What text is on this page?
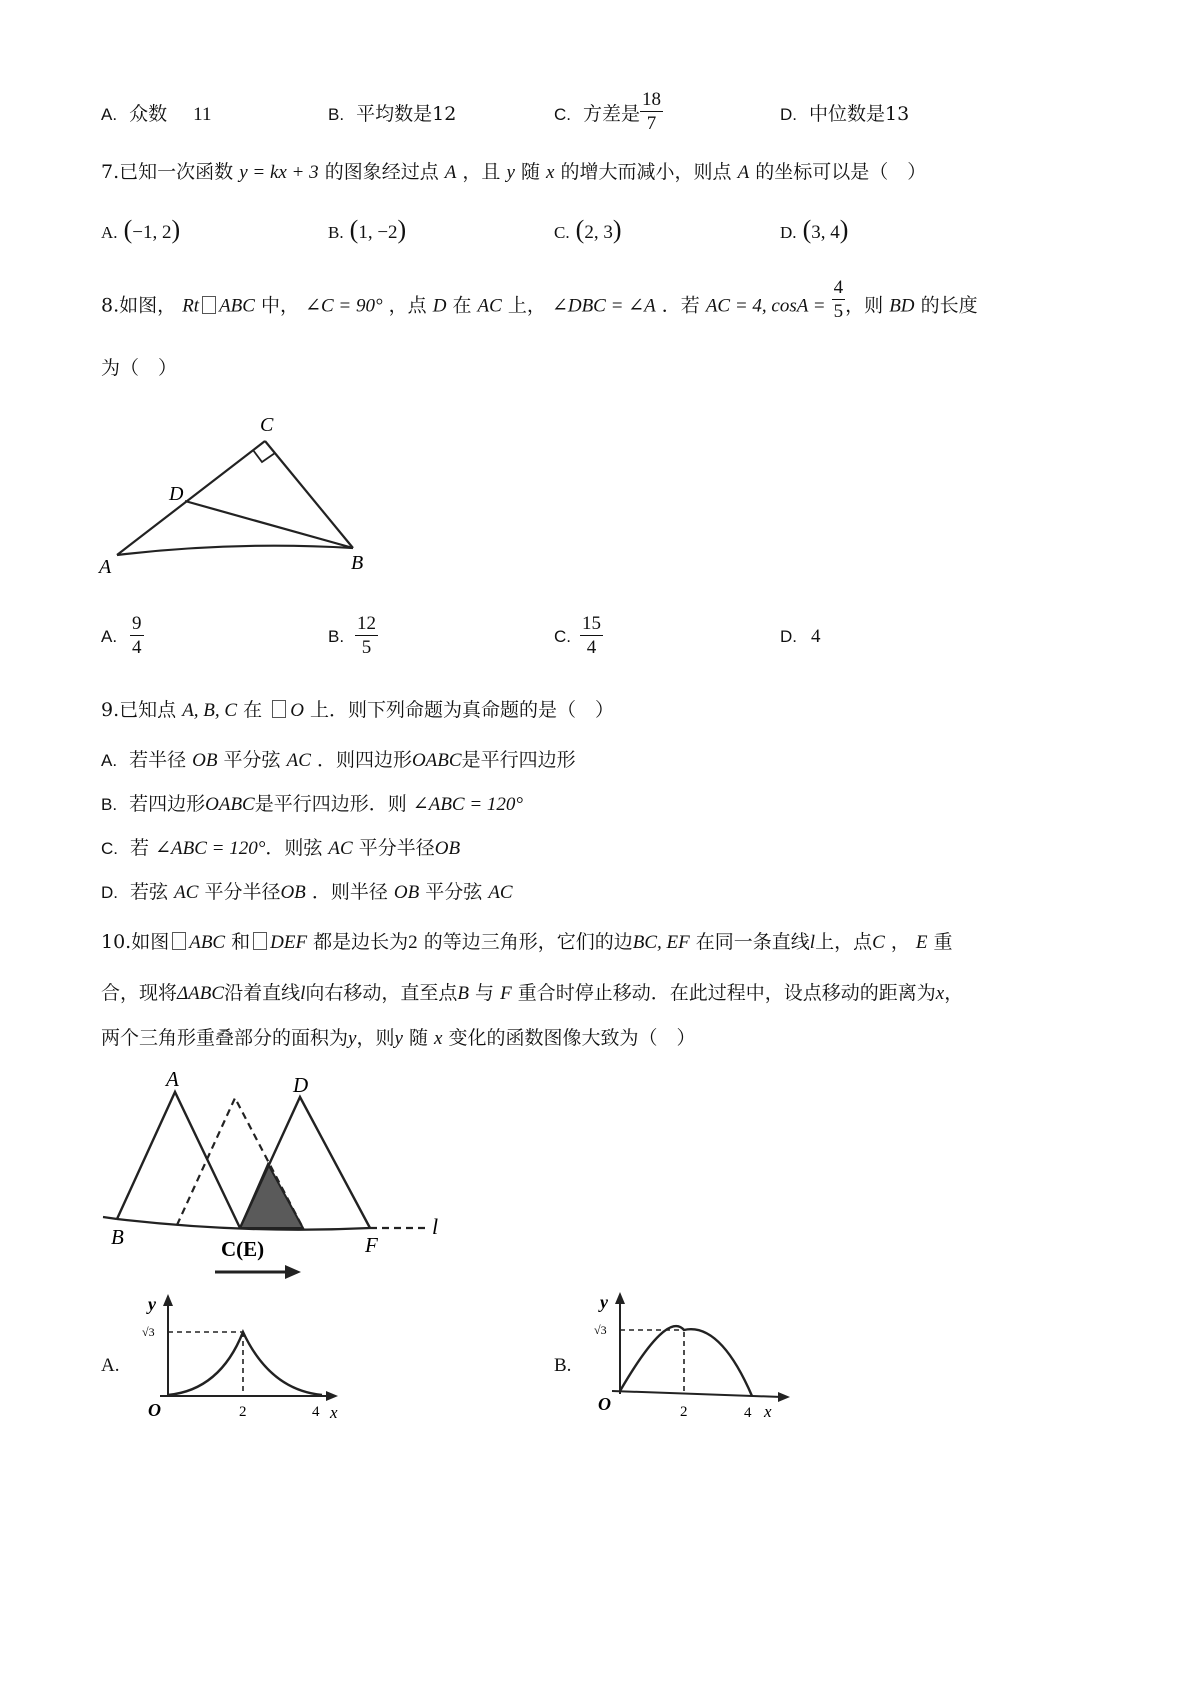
A. 众数 11	B. 平均数是12	C. 方差是 $\frac{18}{7}$	D. 中位数是13
7.已知一次函数 y = kx + 3 的图象经过点 A ，且 y 随 x 的增大而减小，则点 A 的坐标可以是（　）
A. (−1, 2)	B. (1, −2)	C. (2, 3)	D. (3, 4)
8.如图， Rt ABC 中， ∠C = 90° ，点 D 在 AC 上， ∠DBC = ∠A ．若 AC = 4, $\cos A = \frac{4}{5}$ ，则 BD 的长度
为（　）
C
D
A	B
A. $\frac{9}{4}$	B. $\frac{12}{5}$	C. $\frac{15}{4}$	D. 4
9.已知点 A, B, C 在 O 上．则下列命题为真命题的是（　）
A. 若半径 OB 平分弦 AC ．则四边形OABC是平行四边形
B. 若四边形OABC是平行四边形．则 ∠ABC = 120°
C. 若 ∠ABC = 120°．则弦 AC 平分半径OB
D. 若弦 AC 平分半径OB ．则半径 OB 平分弦 AC
10.如图 ABC 和 DEF 都是边长为2 的等边三角形，它们的边BC, EF 在同一条直线l上，点C ， E 重
合，现将ΔABC沿着直线l向右移动，直至点B 与 F 重合时停止移动．在此过程中，设点移动的距离为x，
两个三角形重叠部分的面积为y，则y 随 x 变化的函数图像大致为（　）
A	D
B	C(E)	F
l
A.
y
√3
O	2	4 x
B.
y
√3
O	2	4 x
